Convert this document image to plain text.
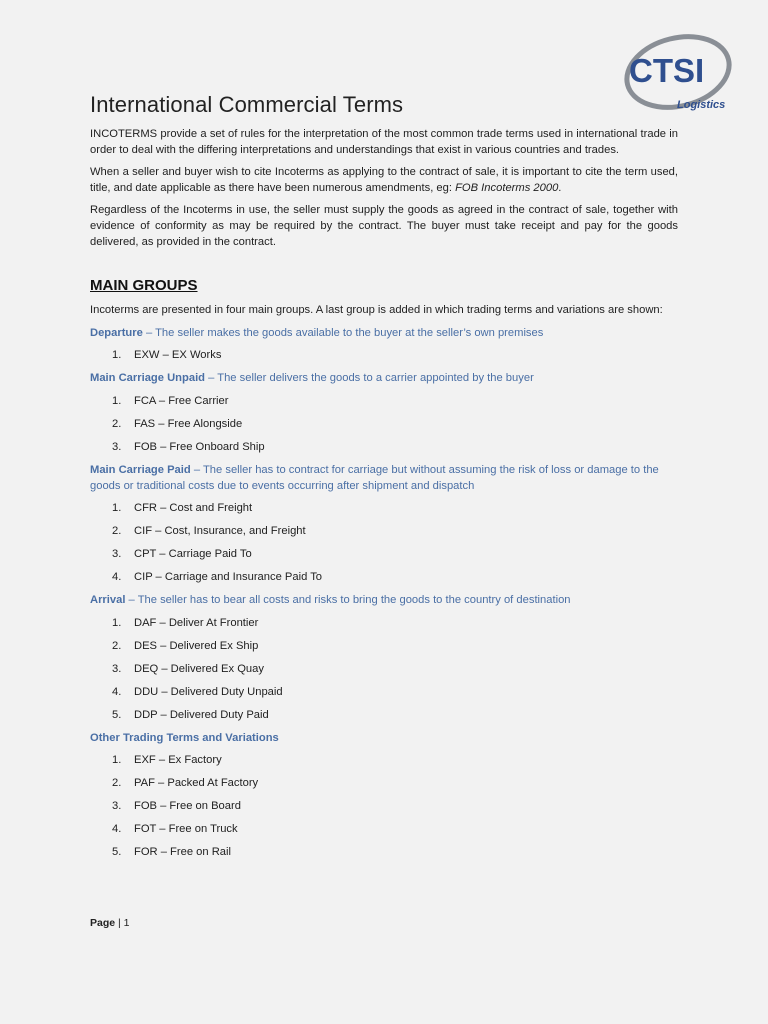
CTSI
Logistics
International Commercial Terms

INCOTERMS provide a set of rules for the interpretation of the most common trade terms used in international trade in order to deal with the differing interpretations and understandings that exist in various countries and trades.

When a seller and buyer wish to cite Incoterms as applying to the contract of sale, it is important to cite the term used, title, and date applicable as there have been numerous amendments, eg: FOB Incoterms 2000.

Regardless of the Incoterms in use, the seller must supply the goods as agreed in the contract of sale, together with evidence of conformity as may be required by the contract. The buyer must take receipt and pay for the goods delivered, as provided in the contract.

MAIN GROUPS

Incoterms are presented in four main groups. A last group is added in which trading terms and variations are shown:

Departure – The seller makes the goods available to the buyer at the seller’s own premises
1.	EXW – EX Works
Main Carriage Unpaid – The seller delivers the goods to a carrier appointed by the buyer
1.	FCA – Free Carrier
2.	FAS – Free Alongside
3.	FOB – Free Onboard Ship
Main Carriage Paid – The seller has to contract for carriage but without assuming the risk of loss or damage to the goods or traditional costs due to events occurring after shipment and dispatch
1.	CFR – Cost and Freight
2.	CIF – Cost, Insurance, and Freight
3.	CPT – Carriage Paid To
4.	CIP – Carriage and Insurance Paid To
Arrival – The seller has to bear all costs and risks to bring the goods to the country of destination
1.	DAF – Deliver At Frontier
2.	DES – Delivered Ex Ship
3.	DEQ – Delivered Ex Quay
4.	DDU – Delivered Duty Unpaid
5.	DDP – Delivered Duty Paid
Other Trading Terms and Variations
1.	EXF – Ex Factory
2.	PAF – Packed At Factory
3.	FOB – Free on Board
4.	FOT – Free on Truck
5.	FOR – Free on Rail
Page | 1
